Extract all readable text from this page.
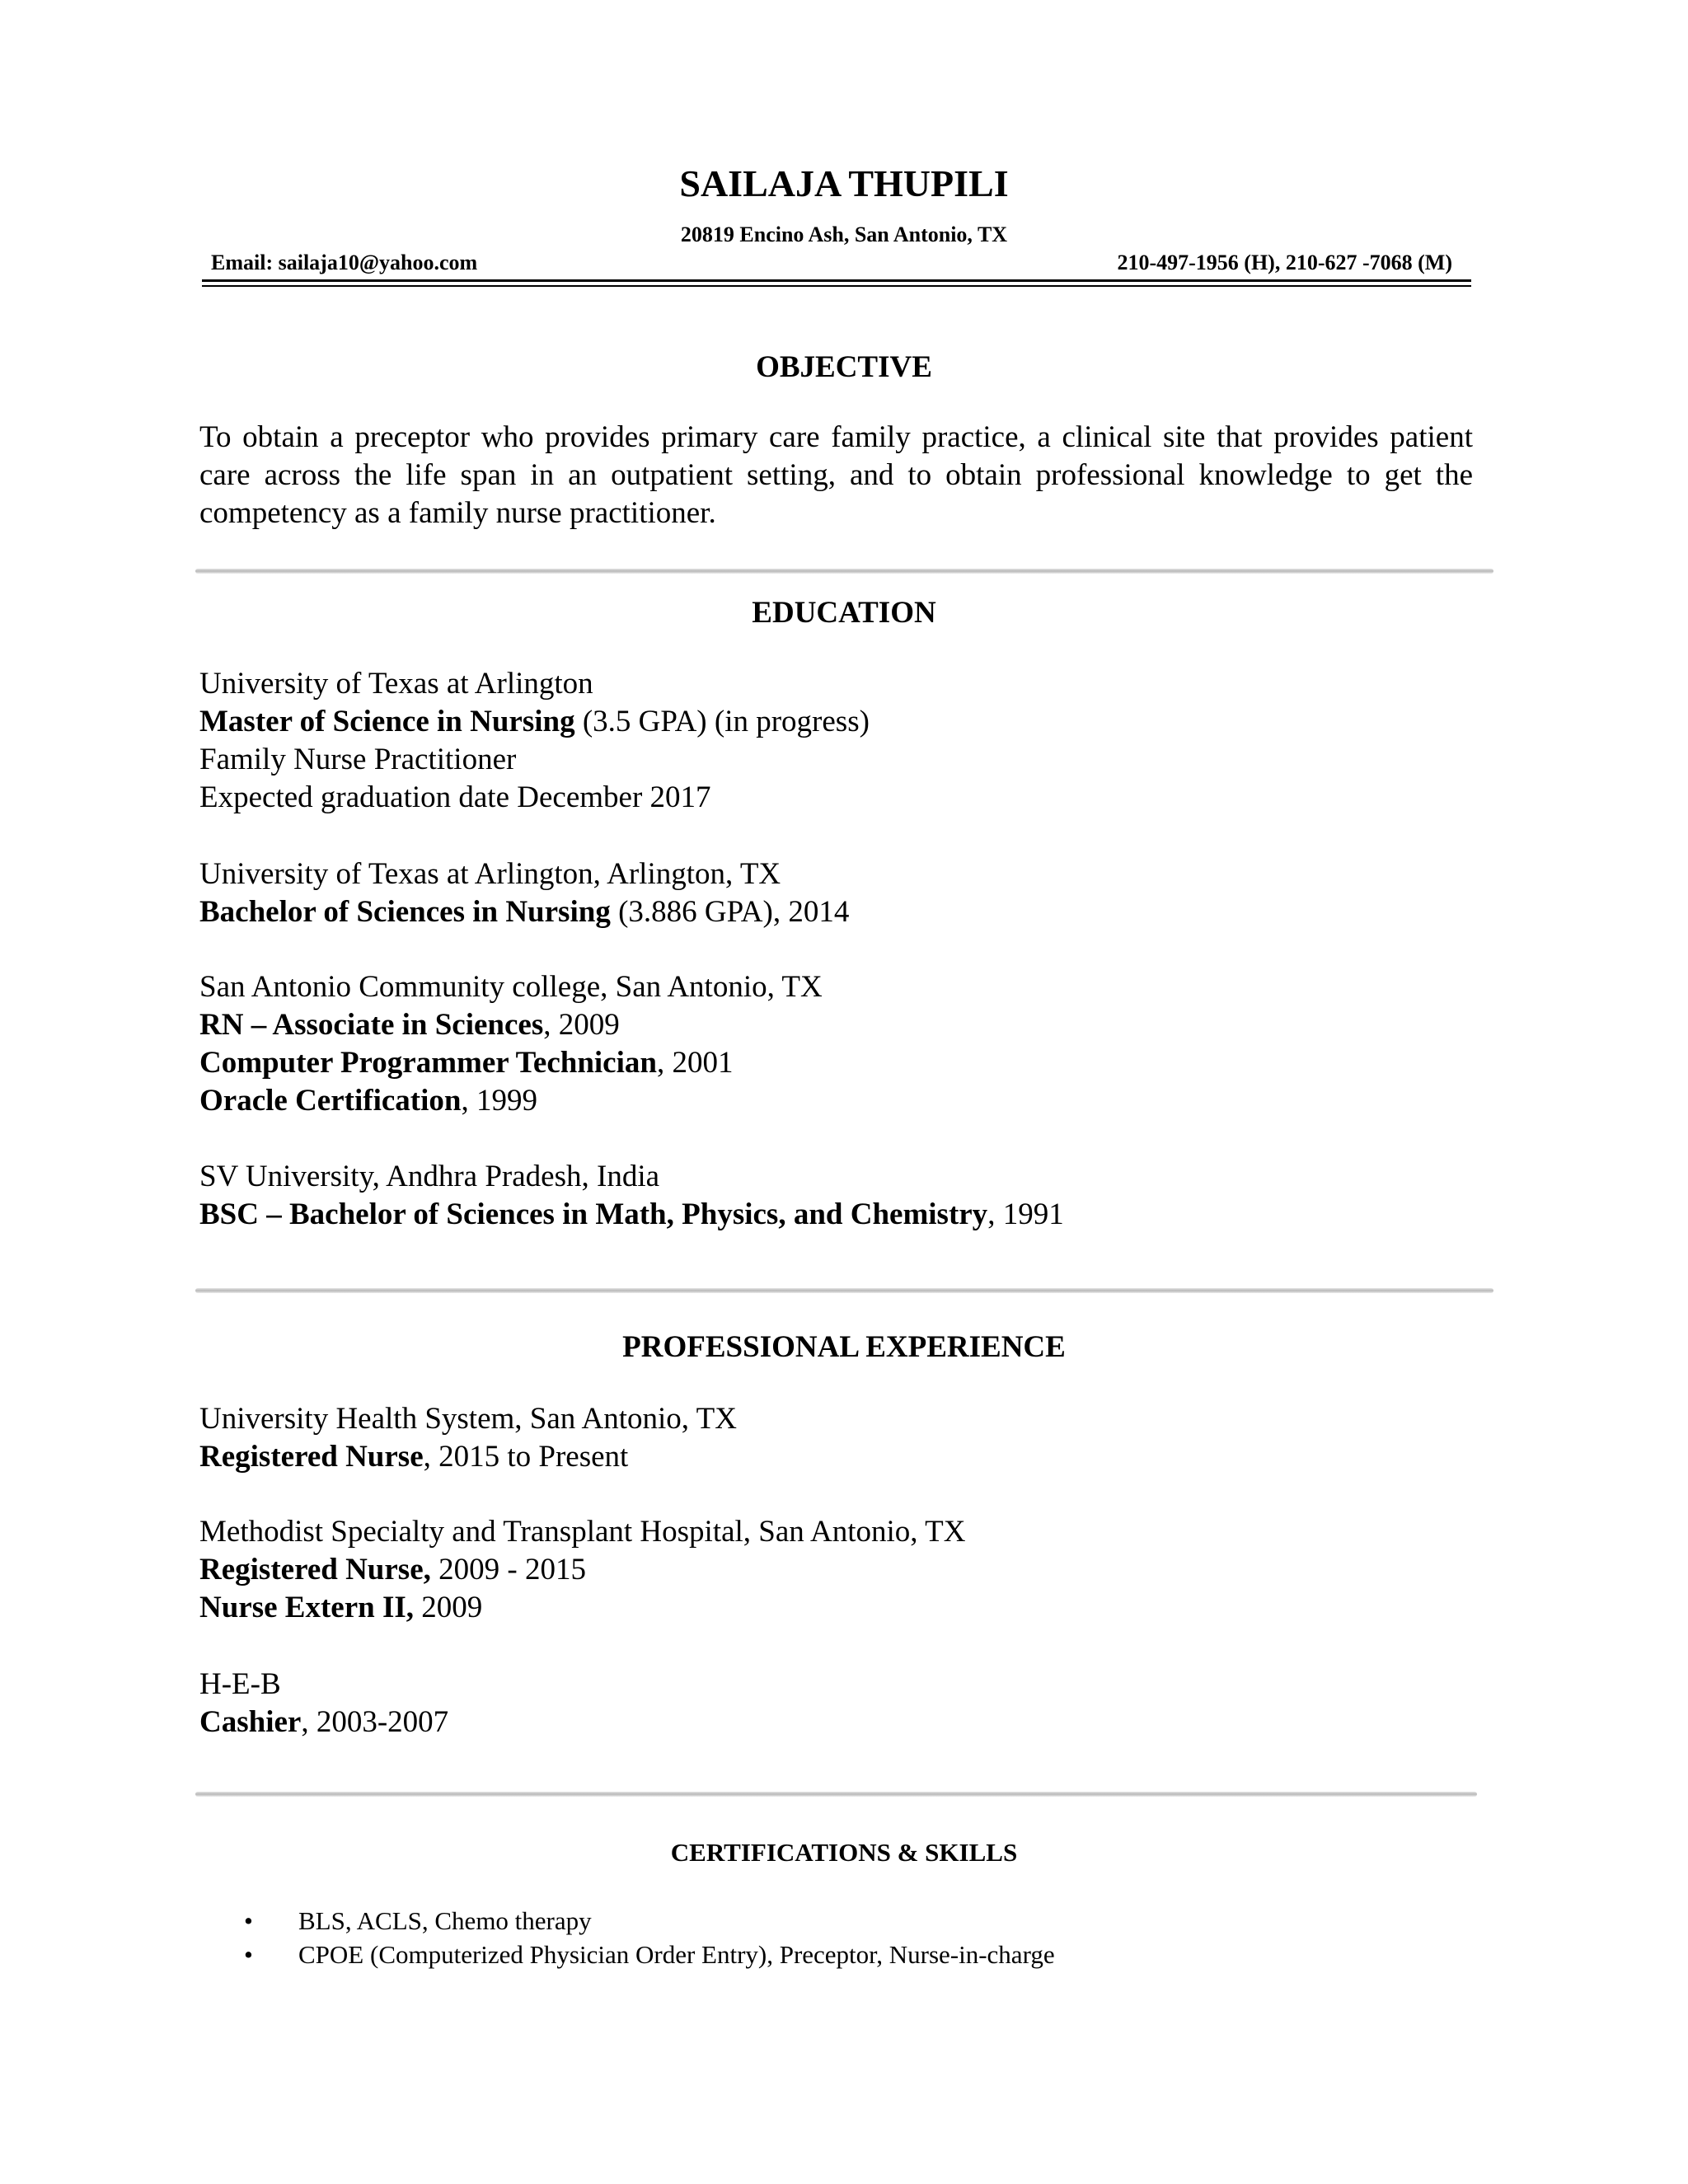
SAILAJA THUPILI
20819 Encino Ash, San Antonio, TX
Email: sailaja10@yahoo.com	210-497-1956 (H), 210-627 -7068 (M)
OBJECTIVE
To obtain a preceptor who provides primary care family practice, a clinical site that provides patient care across the life span in an outpatient setting, and to obtain professional knowledge to get the competency as a family nurse practitioner.
EDUCATION
University of Texas at Arlington
Master of Science in Nursing (3.5 GPA) (in progress)
Family Nurse Practitioner
Expected graduation date December 2017
University of Texas at Arlington, Arlington, TX
Bachelor of Sciences in Nursing (3.886 GPA), 2014
San Antonio Community college, San Antonio, TX
RN – Associate in Sciences, 2009
Computer Programmer Technician, 2001
Oracle Certification, 1999
SV University, Andhra Pradesh, India
BSC – Bachelor of Sciences in Math, Physics, and Chemistry, 1991
PROFESSIONAL EXPERIENCE
University Health System, San Antonio, TX
Registered Nurse, 2015 to Present
Methodist Specialty and Transplant Hospital, San Antonio, TX
Registered Nurse, 2009 - 2015
Nurse Extern II, 2009
H-E-B
Cashier, 2003-2007
CERTIFICATIONS & SKILLS
• BLS, ACLS, Chemo therapy
• CPOE (Computerized Physician Order Entry), Preceptor, Nurse-in-charge
